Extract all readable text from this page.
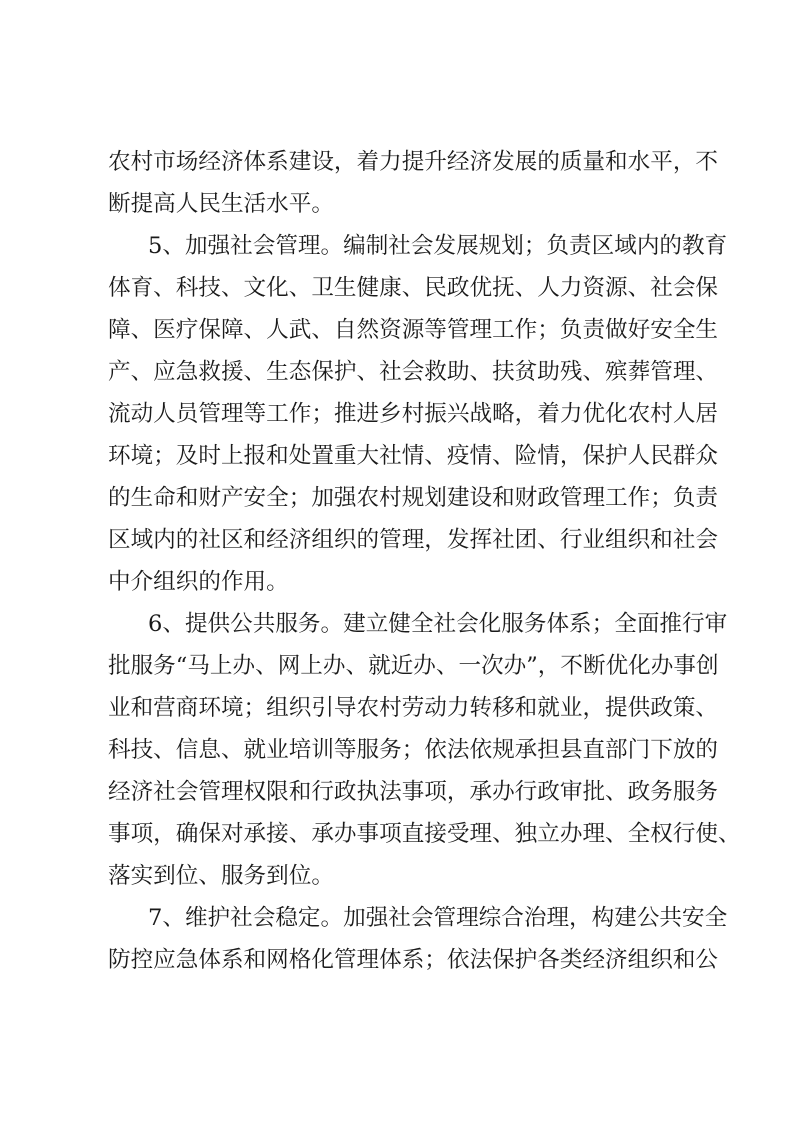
农村市场经济体系建设，着力提升经济发展的质量和水平，不
断提高人民生活水平。
5、加强社会管理。编制社会发展规划；负责区域内的教育
体育、科技、文化、卫生健康、民政优抚、人力资源、社会保
障、医疗保障、人武、自然资源等管理工作；负责做好安全生
产、应急救援、生态保护、社会救助、扶贫助残、殡葬管理、
流动人员管理等工作；推进乡村振兴战略，着力优化农村人居
环境；及时上报和处置重大社情、疫情、险情，保护人民群众
的生命和财产安全；加强农村规划建设和财政管理工作；负责
区域内的社区和经济组织的管理，发挥社团、行业组织和社会
中介组织的作用。
6、提供公共服务。建立健全社会化服务体系；全面推行审
批服务“马上办、网上办、就近办、一次办”，不断优化办事创
业和营商环境；组织引导农村劳动力转移和就业，提供政策、
科技、信息、就业培训等服务；依法依规承担县直部门下放的
经济社会管理权限和行政执法事项，承办行政审批、政务服务
事项，确保对承接、承办事项直接受理、独立办理、全权行使、
落实到位、服务到位。
7、维护社会稳定。加强社会管理综合治理，构建公共安全
防控应急体系和网格化管理体系；依法保护各类经济组织和公
